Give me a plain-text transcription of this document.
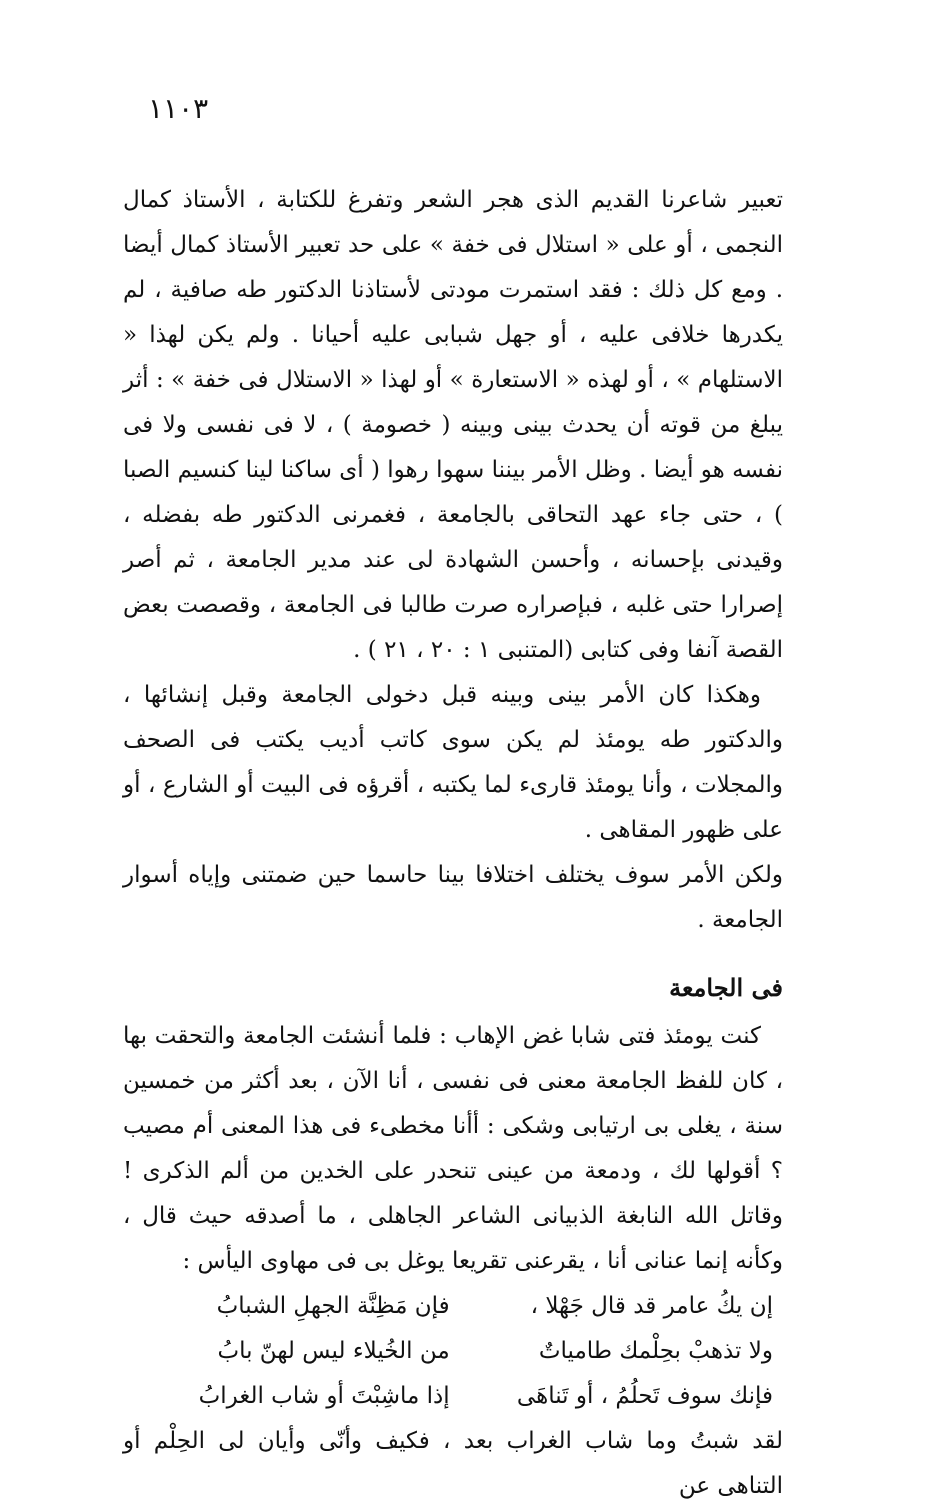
١١٠٣

تعبير شاعرنا القديم الذى هجر الشعر وتفرغ للكتابة ، الأستاذ كمال النجمى ، أو على « استلال فى خفة » على حد تعبير الأستاذ كمال أيضا . ومع كل ذلك : فقد استمرت مودتى لأستاذنا الدكتور طه صافية ، لم يكدرها خلافى عليه ، أو جهل شبابى عليه أحيانا . ولم يكن لهذا « الاستلهام » ، أو لهذه « الاستعارة » أو لهذا « الاستلال فى خفة » : أثر يبلغ من قوته أن يحدث بينى وبينه ( خصومة ) ، لا فى نفسى ولا فى نفسه هو أيضا . وظل الأمر بيننا سهوا رهوا ( أى ساكنا لينا كنسيم الصبا ) ، حتى جاء عهد التحاقى بالجامعة ، فغمرنى الدكتور طه بفضله ، وقيدنى بإحسانه ، وأحسن الشهادة لى عند مدير الجامعة ، ثم أصر إصرارا حتى غلبه ، فبإصراره صرت طالبا فى الجامعة ، وقصصت بعض القصة آنفا وفى كتابى (المتنبى ١ : ٢٠ ، ٢١ ) .

وهكذا كان الأمر بينى وبينه قبل دخولى الجامعة وقبل إنشائها ، والدكتور طه يومئذ لم يكن سوى كاتب أديب يكتب فى الصحف والمجلات ، وأنا يومئذ قارىء لما يكتبه ، أقرؤه فى البيت أو الشارع ، أو على ظهور المقاهى .

ولكن الأمر سوف يختلف اختلافا بينا حاسما حين ضمتنى وإياه أسوار الجامعة .

فى الجامعة

كنت يومئذ فتى شابا غض الإهاب : فلما أنشئت الجامعة والتحقت بها ، كان للفظ الجامعة معنى فى نفسى ، أنا الآن ، بعد أكثر من خمسين سنة ، يغلى بى ارتيابى وشكى : أأنا مخطىء فى هذا المعنى أم مصيب ؟ أقولها لك ، ودمعة من عينى تنحدر على الخدين من ألم الذكرى ! وقاتل الله النابغة الذبيانى الشاعر الجاهلى ، ما أصدقه حيث قال ، وكأنه إنما عنانى أنا ، يقرعنى تقريعا يوغل بى فى مهاوى اليأس :

إن يكُ عامر قد قال جَهْلا ،
فإن مَظِنَّة الجهلِ الشبابُ
ولا تذهبْ بحِلْمك طامياتٌ
من الخُيلاء ليس لهنّ بابُ
فإنك سوف تَحلُمُ ، أو تَناهَى
إذا ماشِبْتَ أو شاب الغرابُ

لقد شبتُ وما شاب الغراب بعد ، فكيف وأنّى وأيان لى الحِلْم أو التناهى عن
